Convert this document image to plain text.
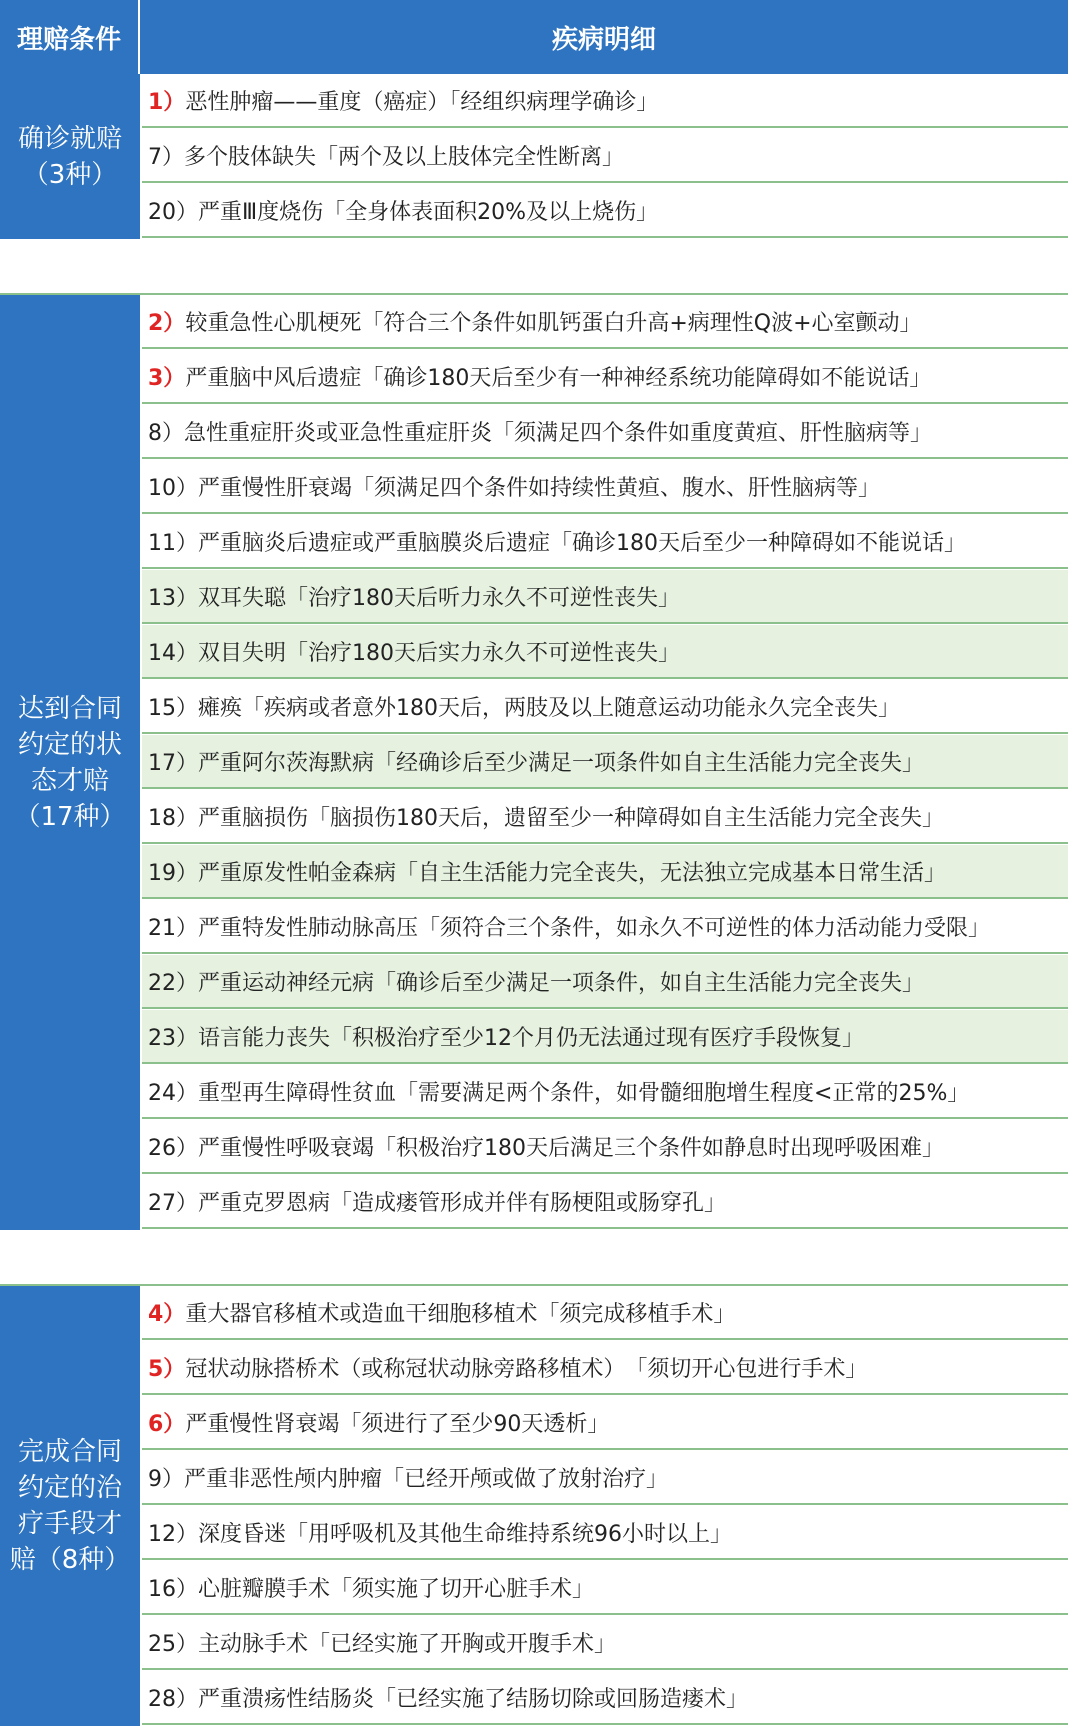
理赔条件	疾病明细
确诊就赔
（3种）
1） 恶性肿瘤——重度 （癌症）「经组织病理学确诊」
7） 多个肢体缺失 「两个及以上肢体完全性断离」
20） 严重Ⅲ度烧伤 「全身体表面积20%及以上烧伤」
达到合同
约定的状
态才赔
（17种）
2） 较重急性心肌梗死 「符合三个条件如肌钙蛋白升高+病理性Q波+心室颤动」
3） 严重脑中风后遗症 「确诊180天后至少有一种神经系统功能障碍如不能说话」
8） 急性重症肝炎或亚急性重症肝炎 「须满足四个条件如重度黄疸、肝性脑病等」
10） 严重慢性肝衰竭 「须满足四个条件如持续性黄疸、腹水、肝性脑病等」
11） 严重脑炎后遗症或严重脑膜炎后遗症 「确诊180天后至少一种障碍如不能说话」
13） 双耳失聪 「治疗180天后听力永久不可逆性丧失」
14） 双目失明 「治疗180天后实力永久不可逆性丧失」
15） 瘫痪 「疾病或者意外180天后，两肢及以上随意运动功能永久完全丧失」
17） 严重阿尔茨海默病 「经确诊后至少满足一项条件如自主生活能力完全丧失」
18） 严重脑损伤 「脑损伤180天后，遗留至少一种障碍如自主生活能力完全丧失」
19） 严重原发性帕金森病 「自主生活能力完全丧失，无法独立完成基本日常生活」
21） 严重特发性肺动脉高压 「须符合三个条件，如永久不可逆性的体力活动能力受限」
22） 严重运动神经元病 「确诊后至少满足一项条件，如自主生活能力完全丧失」
23） 语言能力丧失 「积极治疗至少12个月仍无法通过现有医疗手段恢复」
24） 重型再生障碍性贫血 「需要满足两个条件，如骨髓细胞增生程度<正常的25%」
26） 严重慢性呼吸衰竭 「积极治疗180天后满足三个条件如静息时出现呼吸困难」
27） 严重克罗恩病 「造成瘘管形成并伴有肠梗阻或肠穿孔」
完成合同
约定的治
疗手段才
赔（8种）
4） 重大器官移植术或造血干细胞移植术 「须完成移植手术」
5） 冠状动脉搭桥术（或称冠状动脉旁路移植术） 「须切开心包进行手术」
6） 严重慢性肾衰竭 「须进行了至少90天透析」
9） 严重非恶性颅内肿瘤 「已经开颅或做了放射治疗」
12） 深度昏迷 「用呼吸机及其他生命维持系统96小时以上」
16） 心脏瓣膜手术 「须实施了切开心脏手术」
25） 主动脉手术 「已经实施了开胸或开腹手术」
28） 严重溃疡性结肠炎 「已经实施了结肠切除或回肠造瘘术」
